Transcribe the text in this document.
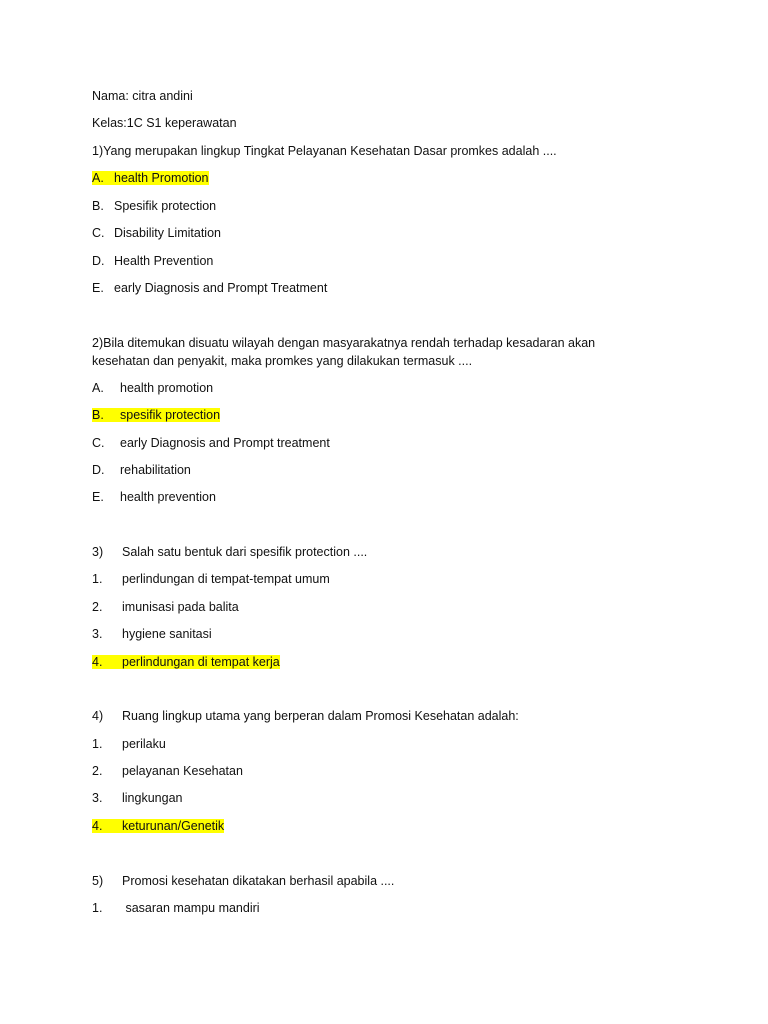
Nama: citra andini
Kelas:1C S1 keperawatan
1)Yang merupakan lingkup Tingkat Pelayanan Kesehatan Dasar promkes adalah ....
A. health Promotion
B. Spesifik protection
C. Disability Limitation
D. Health Prevention
E. early Diagnosis and Prompt Treatment
2)Bila ditemukan disuatu wilayah dengan masyarakatnya rendah terhadap kesadaran akan
kesehatan dan penyakit, maka promkes yang dilakukan termasuk ....
A. health promotion
B. spesifik protection
C. early Diagnosis and Prompt treatment
D. rehabilitation
E. health prevention
3) Salah satu bentuk dari spesifik protection ....
1. perlindungan di tempat-tempat umum
2. imunisasi pada balita
3. hygiene sanitasi
4. perlindungan di tempat kerja
4) Ruang lingkup utama yang berperan dalam Promosi Kesehatan adalah:
1. perilaku
2. pelayanan Kesehatan
3. lingkungan
4. keturunan/Genetik
5) Promosi kesehatan dikatakan berhasil apabila ....
1. sasaran mampu mandiri
